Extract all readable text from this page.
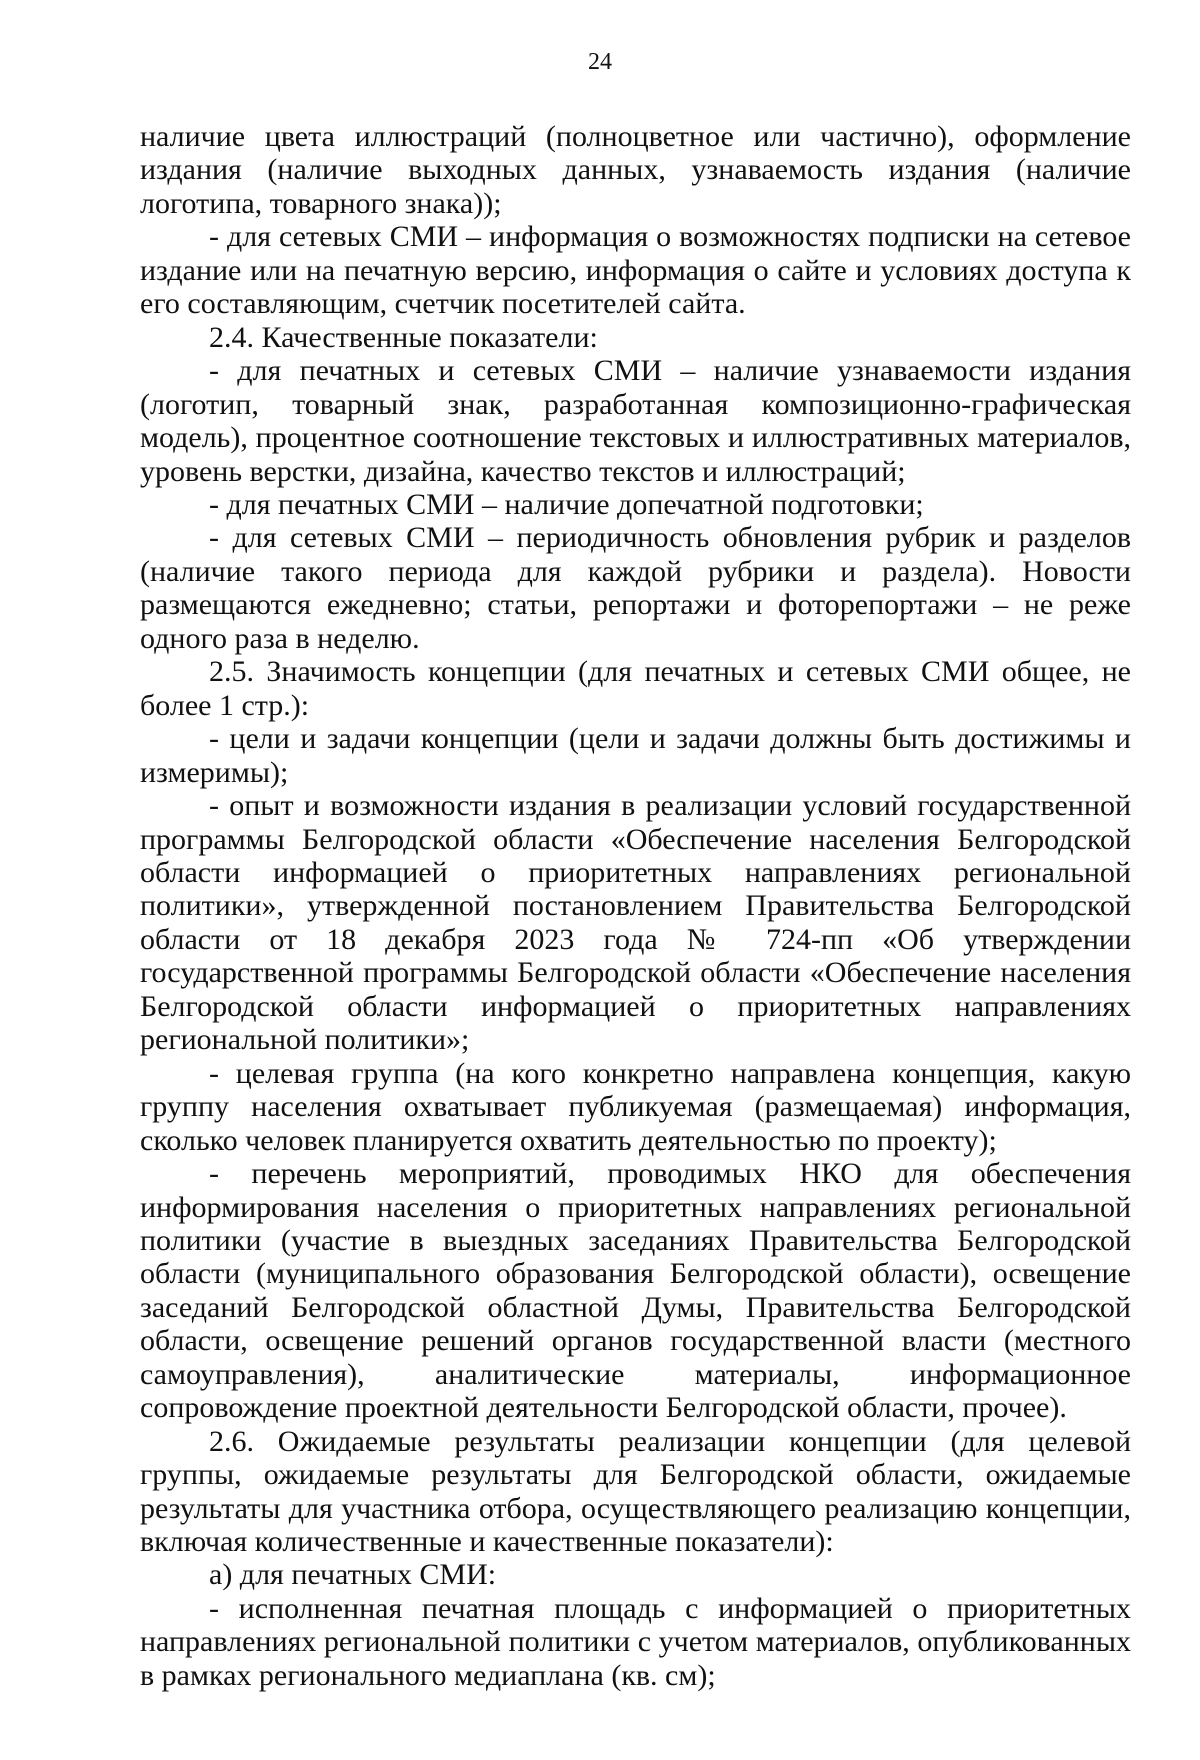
24

наличие цвета иллюстраций (полноцветное или частично), оформление издания (наличие выходных данных, узнаваемость издания (наличие логотипа, товарного знака));

- для сетевых СМИ – информация о возможностях подписки на сетевое издание или на печатную версию, информация о сайте и условиях доступа к его составляющим, счетчик посетителей сайта.

2.4. Качественные показатели:

- для печатных и сетевых СМИ – наличие узнаваемости издания (логотип, товарный знак, разработанная композиционно-графическая модель), процентное соотношение текстовых и иллюстративных материалов, уровень верстки, дизайна, качество текстов и иллюстраций;

- для печатных СМИ – наличие допечатной подготовки;

- для сетевых СМИ – периодичность обновления рубрик и разделов (наличие такого периода для каждой рубрики и раздела). Новости размещаются ежедневно; статьи, репортажи и фоторепортажи – не реже одного раза в неделю.

2.5. Значимость концепции (для печатных и сетевых СМИ общее, не более 1 стр.):

- цели и задачи концепции (цели и задачи должны быть достижимы и измеримы);

- опыт и возможности издания в реализации условий государственной программы Белгородской области «Обеспечение населения Белгородской области информацией о приоритетных направлениях региональной политики», утвержденной постановлением Правительства Белгородской области от 18 декабря 2023 года № 724-пп «Об утверждении государственной программы Белгородской области «Обеспечение населения Белгородской области информацией о приоритетных направлениях региональной политики»;

- целевая группа (на кого конкретно направлена концепция, какую группу населения охватывает публикуемая (размещаемая) информация, сколько человек планируется охватить деятельностью по проекту);

- перечень мероприятий, проводимых НКО для обеспечения информирования населения о приоритетных направлениях региональной политики (участие в выездных заседаниях Правительства Белгородской области (муниципального образования Белгородской области), освещение заседаний Белгородской областной Думы, Правительства Белгородской области, освещение решений органов государственной власти (местного самоуправления), аналитические материалы, информационное сопровождение проектной деятельности Белгородской области, прочее).

2.6. Ожидаемые результаты реализации концепции (для целевой группы, ожидаемые результаты для Белгородской области, ожидаемые результаты для участника отбора, осуществляющего реализацию концепции, включая количественные и качественные показатели):

а) для печатных СМИ:

- исполненная печатная площадь с информацией о приоритетных направлениях региональной политики с учетом материалов, опубликованных в рамках регионального медиаплана (кв. см);
